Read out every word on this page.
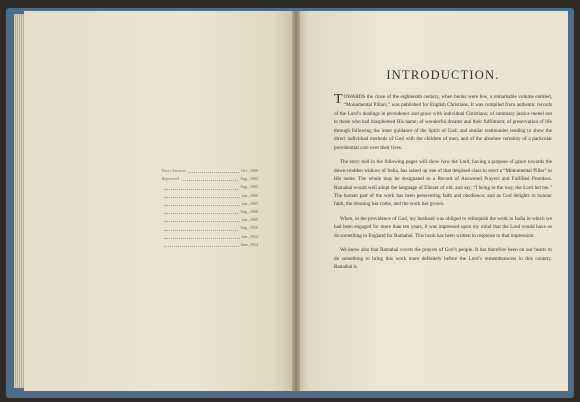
First Edition	Oct., 1900
Reprinted	Aug., 1903
Aug., 1905
Jan., 1906
Jan., 1907
Aug., 1908
Jan., 1909
Aug., 1910
Jan., 1912
June, 1914
INTRODUCTION.

TOWARDS the close of the eighteenth century, when books were few, a remarkable volume entitled, “Monumental Pillars,” was published for English Christians. It was compiled from authentic records of the Lord’s dealings in providence and grace with individual Christians; of summary justice meted out to those who had blasphemed His name; of wonderful dreams and their fulfilment; of preservation of life through following the inner guidance of the Spirit of God; and similar testimonies tending to show the direct individual methods of God with the children of men, and of the absolute certainty of a particular providential care over their lives.

The story told in the following pages will show how the Lord, having a purpose of grace towards the down-trodden widows of India, has raised up one of that despised class to erect a “Monumental Pillar” to His name. The whole may be designated as a Record of Answered Prayers and Fulfilled Promises. Ramabai would well adopt the language of Eliezer of old, and say, “I being in the way, the Lord led me.” The human part of the work has been persevering faith and obedience; and as God delights to honour faith, the blessing has come, and the work has grown.

When, in the providence of God, my husband was obliged to relinquish the work in India in which we had been engaged for more than ten years, it was impressed upon my mind that the Lord would have us do something in England for Ramabai. This book has been written in response to that impression.

We know also that Ramabai covets the prayers of God’s people. It has therefore been on our hearts to do something to bring this work more definitely before the Lord’s remembrancers in this country. Ramabai is
